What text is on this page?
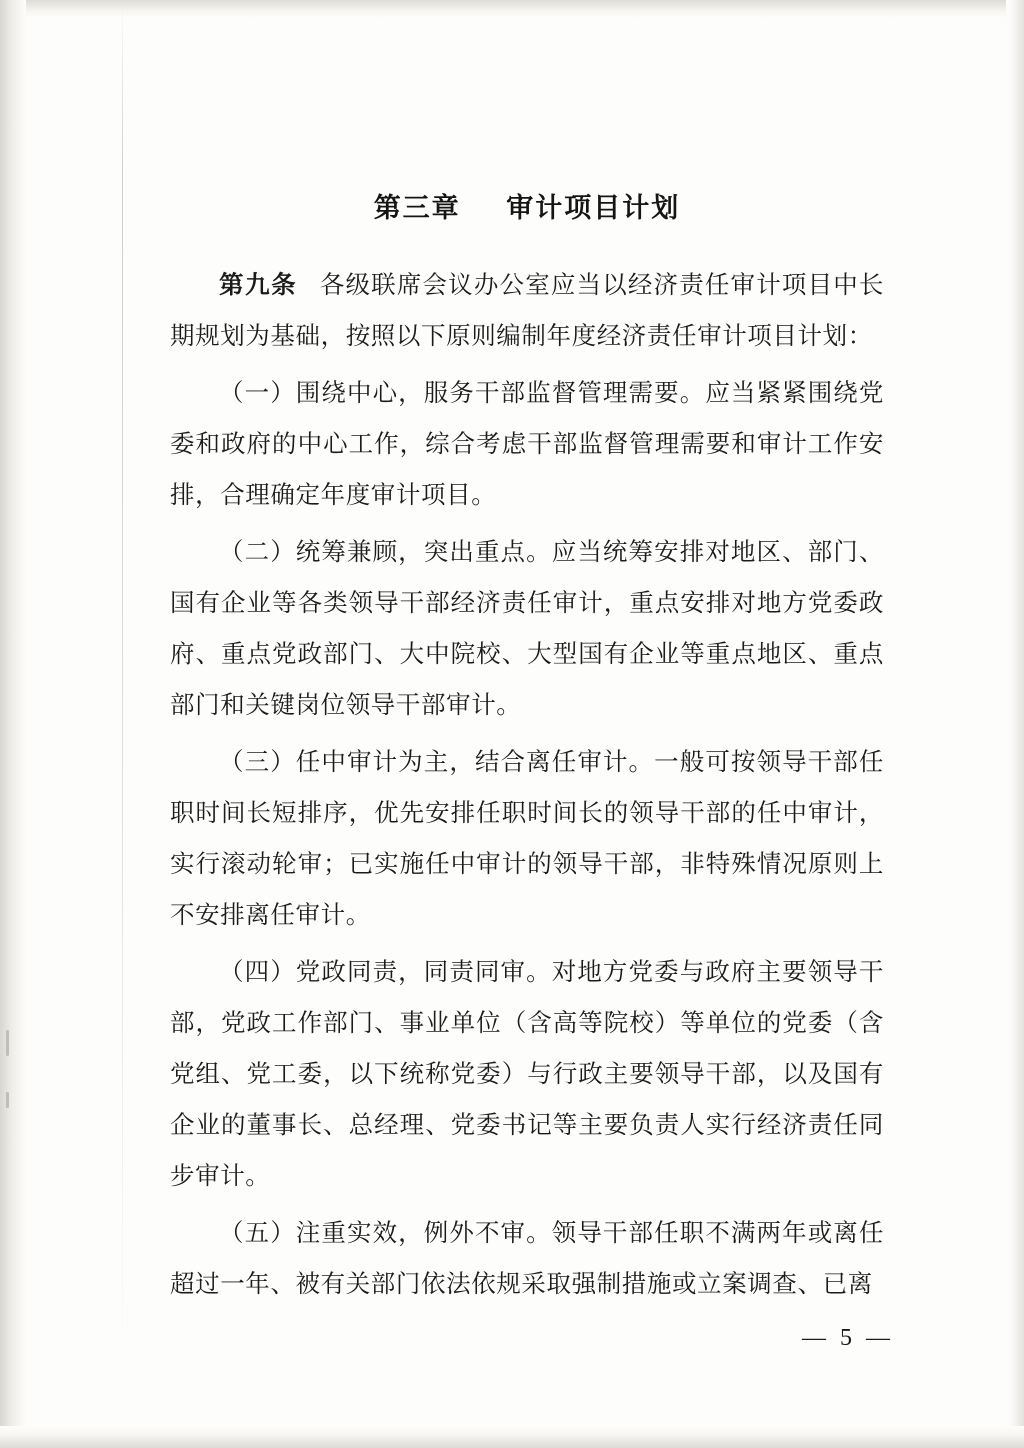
第三章    审计项目计划

第九条 各级联席会议办公室应当以经济责任审计项目中长期规划为基础，按照以下原则编制年度经济责任审计项目计划：

（一）围绕中心，服务干部监督管理需要。应当紧紧围绕党委和政府的中心工作，综合考虑干部监督管理需要和审计工作安排，合理确定年度审计项目。

（二）统筹兼顾，突出重点。应当统筹安排对地区、部门、国有企业等各类领导干部经济责任审计，重点安排对地方党委政府、重点党政部门、大中院校、大型国有企业等重点地区、重点部门和关键岗位领导干部审计。

（三）任中审计为主，结合离任审计。一般可按领导干部任职时间长短排序，优先安排任职时间长的领导干部的任中审计，实行滚动轮审；已实施任中审计的领导干部，非特殊情况原则上不安排离任审计。

（四）党政同责，同责同审。对地方党委与政府主要领导干部，党政工作部门、事业单位（含高等院校）等单位的党委（含党组、党工委，以下统称党委）与行政主要领导干部，以及国有企业的董事长、总经理、党委书记等主要负责人实行经济责任同步审计。

（五）注重实效，例外不审。领导干部任职不满两年或离任超过一年、被有关部门依法依规采取强制措施或立案调查、已离

— 5 —
